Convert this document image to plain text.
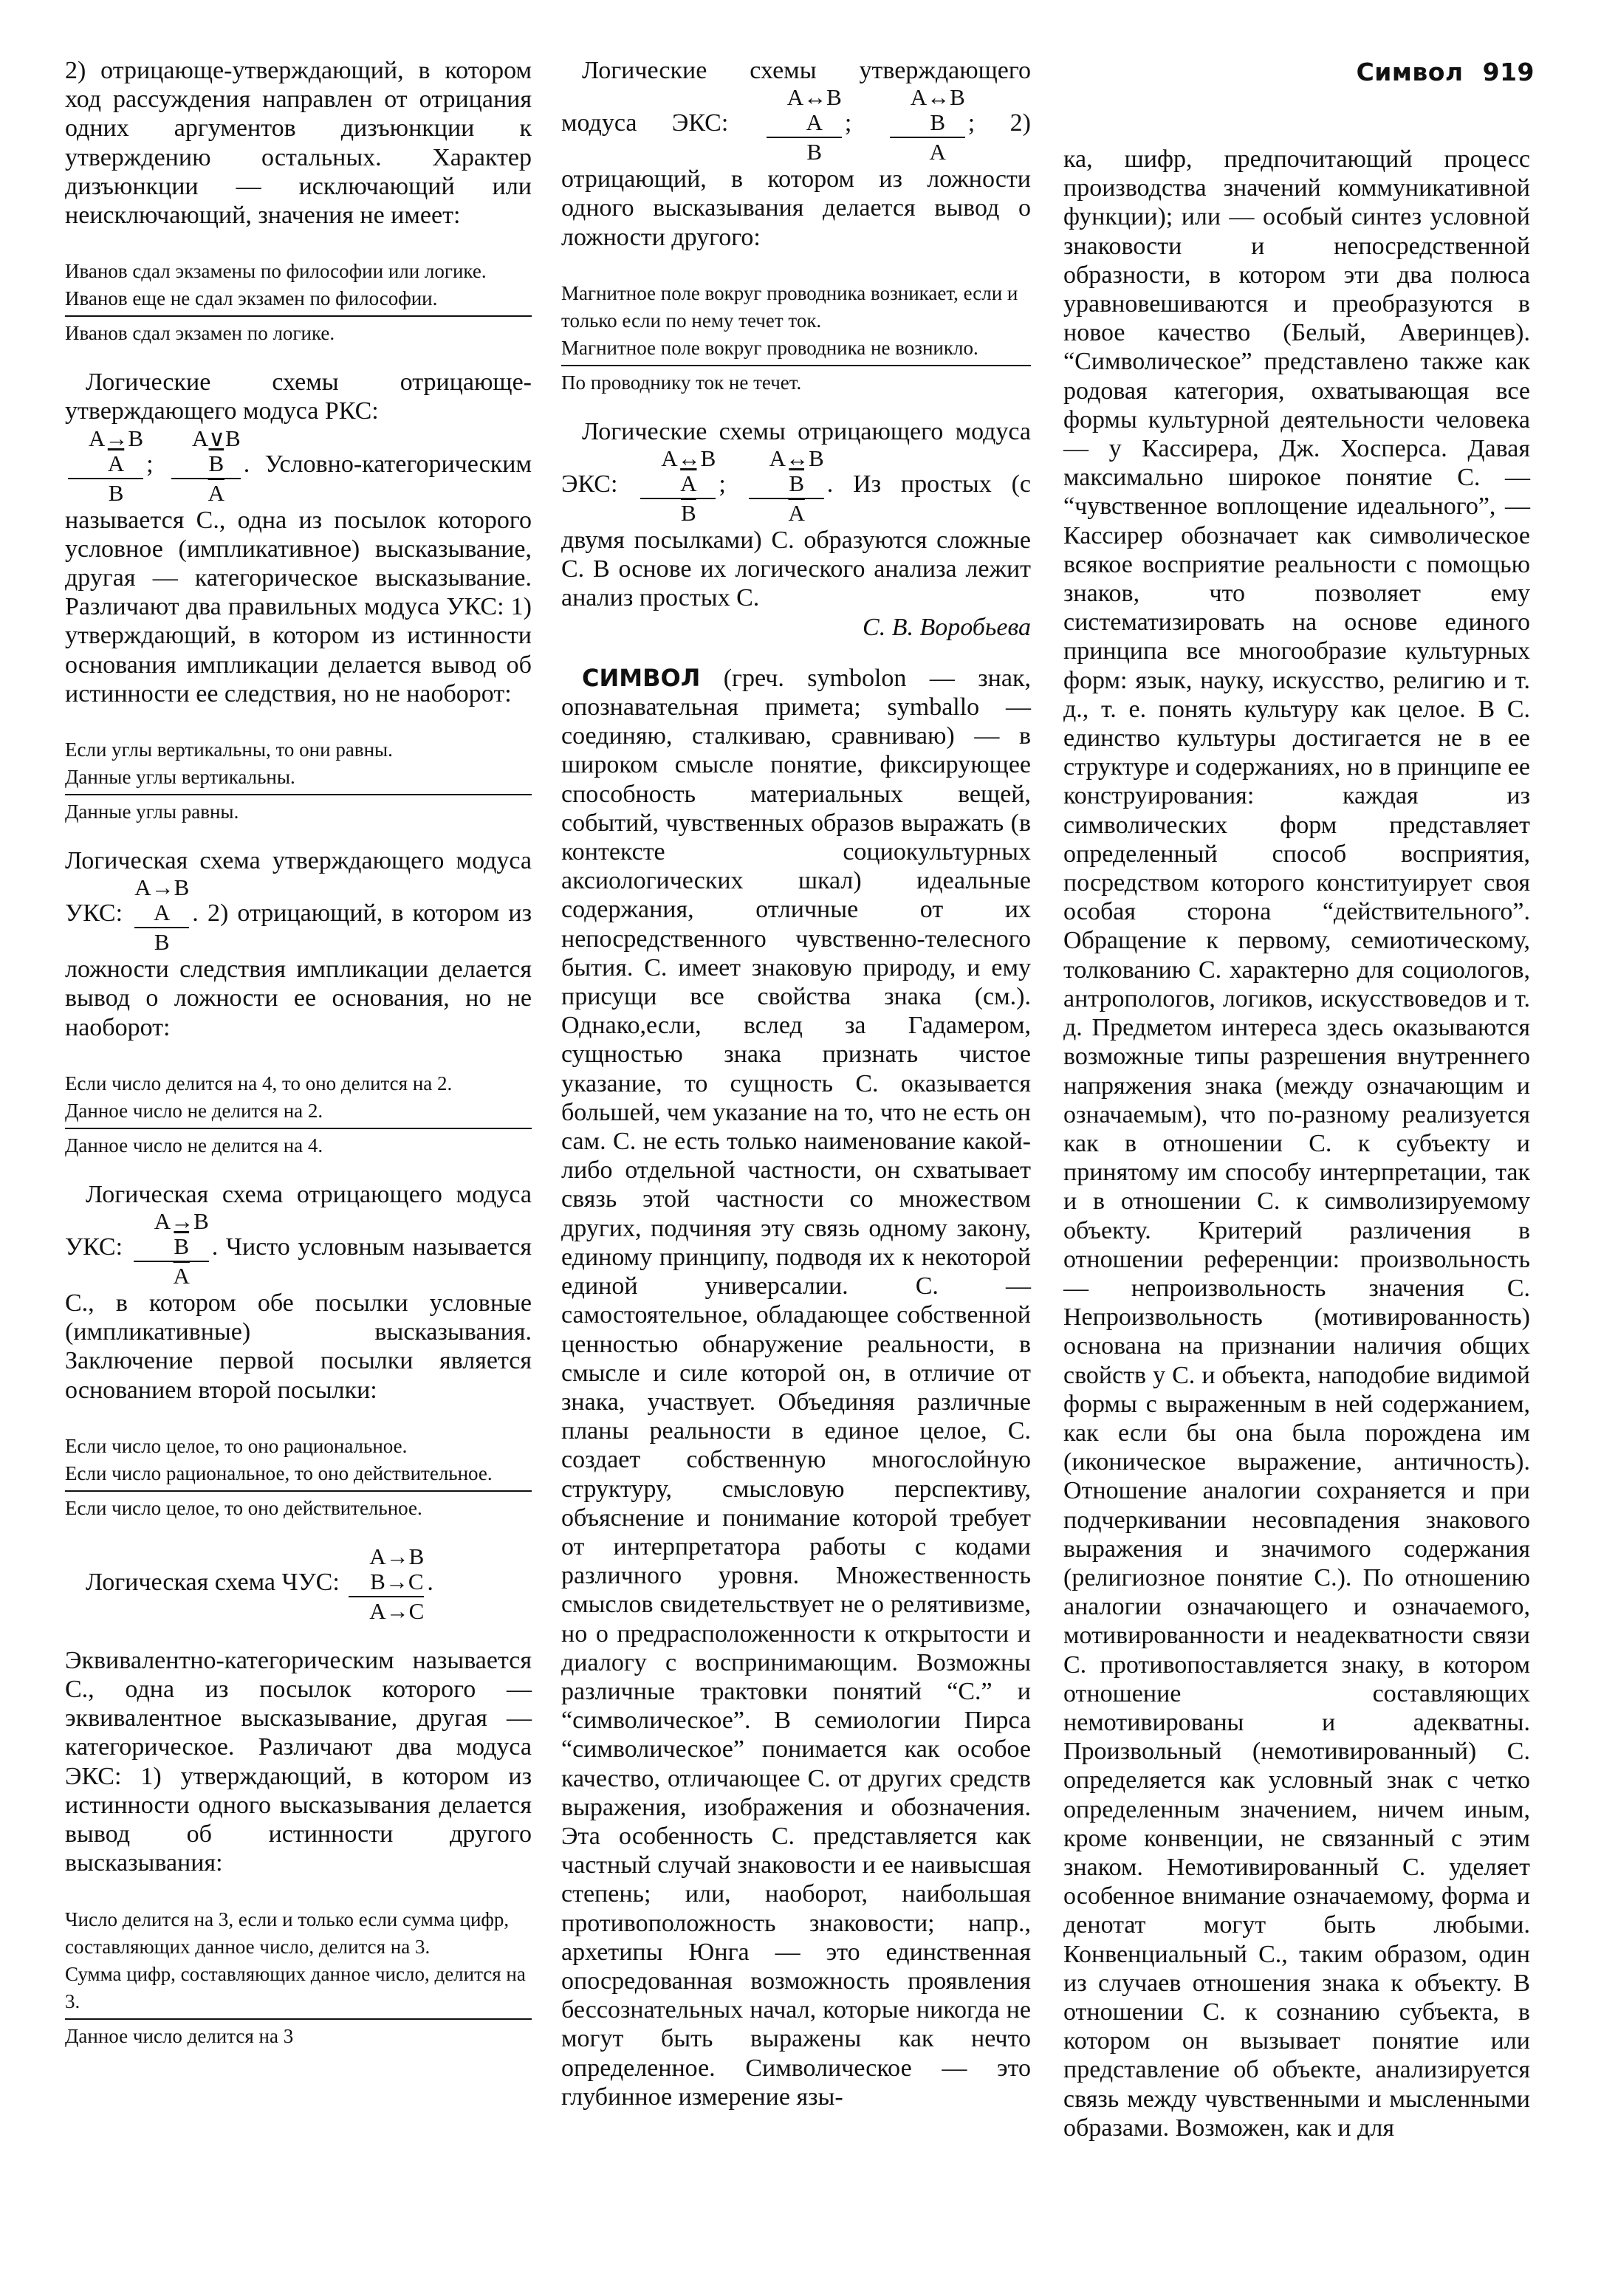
Символ 919

2) отрицающе-утверждающий, в котором ход рассуждения направлен от отрицания одних аргументов дизъюнкции к утверждению остальных. Характер дизъюнкции — исключающий или неисключающий, значения не имеет:

Иванов сдал экзамены по философии или логике.
Иванов еще не сдал экзамен по философии.
Иванов сдал экзамен по логике.

Логические схемы отрицающе-утверждающего модуса РКС:

A→B
$\overline{A}$
B
;
A∨B
$\overline{B}$
$\overline{A}$
. Условно-категорическим называется С., одна из посылок которого условное (импликативное) высказывание, другая — категорическое высказывание. Различают два правильных модуса УКС: 1) утверждающий, в котором из истинности основания импликации делается вывод об истинности ее следствия, но не наоборот:

Если углы вертикальны, то они равны.
Данные углы вертикальны.
Данные углы равны.

Логическая схема утверждающего модуса УКС:
A→B
A
B
. 2) отрицающий, в котором из ложности следствия импликации делается вывод о ложности ее основания, но не наоборот:

Если число делится на 4, то оно делится на 2.
Данное число не делится на 2.
Данное число не делится на 4.

Логическая схема отрицающего модуса УКС:
A→B
$\overline{B}$
$\overline{A}$
. Чисто условным называется С., в котором обе посылки условные (импликативные) высказывания. Заключение первой посылки является основанием второй посылки:

Если число целое, то оно рациональное.
Если число рациональное, то оно действительное.
Если число целое, то оно действительное.

Логическая схема ЧУС:
A→B
B→C
A→C
.

Эквивалентно-категорическим называется С., одна из посылок которого — эквивалентное высказывание, другая — категорическое. Различают два модуса ЭКС: 1) утверждающий, в котором из истинности одного высказывания делается вывод об истинности другого высказывания:

Число делится на 3, если и только если сумма цифр, составляющих данное число, делится на 3.
Сумма цифр, составляющих данное число, делится на 3.
Данное число делится на 3

Логические схемы утверждающего модуса ЭКС:
A↔B
A
B
;
A↔B
B
A
; 2) отрицающий, в котором из ложности одного высказывания делается вывод о ложности другого:

Магнитное поле вокруг проводника возникает, если и только если по нему течет ток.
Магнитное поле вокруг проводника не возникло.
По проводнику ток не течет.

Логические схемы отрицающего модуса ЭКС:
A↔B
$\overline{A}$
$\overline{B}$
;
A↔B
$\overline{B}$
$\overline{A}$
. Из простых (с двумя посылками) С. образуются сложные С. В основе их логического анализа лежит анализ простых С.

С. В. Воробьева

СИМВОЛ (греч. symbolon — знак, опознавательная примета; symballo — соединяю, сталкиваю, сравниваю) — в широком смысле понятие, фиксирующее способность материальных вещей, событий, чувственных образов выражать (в контексте социокультурных аксиологических шкал) идеальные содержания, отличные от их непосредственного чувственно-телесного бытия. С. имеет знаковую природу, и ему присущи все свойства знака (см.). Однако,если, вслед за Гадамером, сущностью знака признать чистое указание, то сущность С. оказывается большей, чем указание на то, что не есть он сам. С. не есть только наименование какой-либо отдельной частности, он схватывает связь этой частности со множеством других, подчиняя эту связь одному закону, единому принципу, подводя их к некоторой единой универсалии. С. — самостоятельное, обладающее собственной ценностью обнаружение реальности, в смысле и силе которой он, в отличие от знака, участвует. Объединяя различные планы реальности в единое целое, С. создает собственную многослойную структуру, смысловую перспективу, объяснение и понимание которой требует от интерпретатора работы с кодами различного уровня. Множественность смыслов свидетельствует не о релятивизме, но о предрасположенности к открытости и диалогу с воспринимающим. Возможны различные трактовки понятий “С.” и “символическое”. В семиологии Пирса “символическое” понимается как особое качество, отличающее С. от других средств выражения, изображения и обозначения. Эта особенность С. представляется как частный случай знаковости и ее наивысшая степень; или, наоборот, наибольшая противоположность знаковости; напр., архетипы Юнга — это единственная опосредованная возможность проявления бессознательных начал, которые никогда не могут быть выражены как нечто определенное. Символическое — это глубинное измерение язы-

ка, шифр, предпочитающий процесс производства значений коммуникативной функции); или — особый синтез условной знаковости и непосредственной образности, в котором эти два полюса уравновешиваются и преобразуются в новое качество (Белый, Аверинцев). “Символическое” представлено также как родовая категория, охватывающая все формы культурной деятельности человека — у Кассирера, Дж. Хосперса. Давая максимально широкое понятие С. — “чувственное воплощение идеального”, — Кассирер обозначает как символическое всякое восприятие реальности с помощью знаков, что позволяет ему систематизировать на основе единого принципа все многообразие культурных форм: язык, науку, искусство, религию и т. д., т. е. понять культуру как целое. В С. единство культуры достигается не в ее структуре и содержаниях, но в принципе ее конструирования: каждая из символических форм представляет определенный способ восприятия, посредством которого конституирует своя особая сторона “действительного”. Обращение к первому, семиотическому, толкованию С. характерно для социологов, антропологов, логиков, искусствоведов и т. д. Предметом интереса здесь оказываются возможные типы разрешения внутреннего напряжения знака (между означающим и означаемым), что по-разному реализуется как в отношении С. к субъекту и принятому им способу интерпретации, так и в отношении С. к символизируемому объекту. Критерий различения в отношении референции: произвольность — непроизвольность значения С. Непроизвольность (мотивированность) основана на признании наличия общих свойств у С. и объекта, наподобие видимой формы с выраженным в ней содержанием, как если бы она была порождена им (иконическое выражение, античность). Отношение аналогии сохраняется и при подчеркивании несовпадения знакового выражения и значимого содержания (религиозное понятие С.). По отношению аналогии означающего и означаемого, мотивированности и неадекватности связи С. противопоставляется знаку, в котором отношение составляющих немотивированы и адекватны. Произвольный (немотивированный) С. определяется как условный знак с четко определенным значением, ничем иным, кроме конвенции, не связанный с этим знаком. Немотивированный С. уделяет особенное внимание означаемому, форма и денотат могут быть любыми. Конвенциальный С., таким образом, один из случаев отношения знака к объекту. В отношении С. к сознанию субъекта, в котором он вызывает понятие или представление об объекте, анализируется связь между чувственными и мысленными образами. Возможен, как и для
